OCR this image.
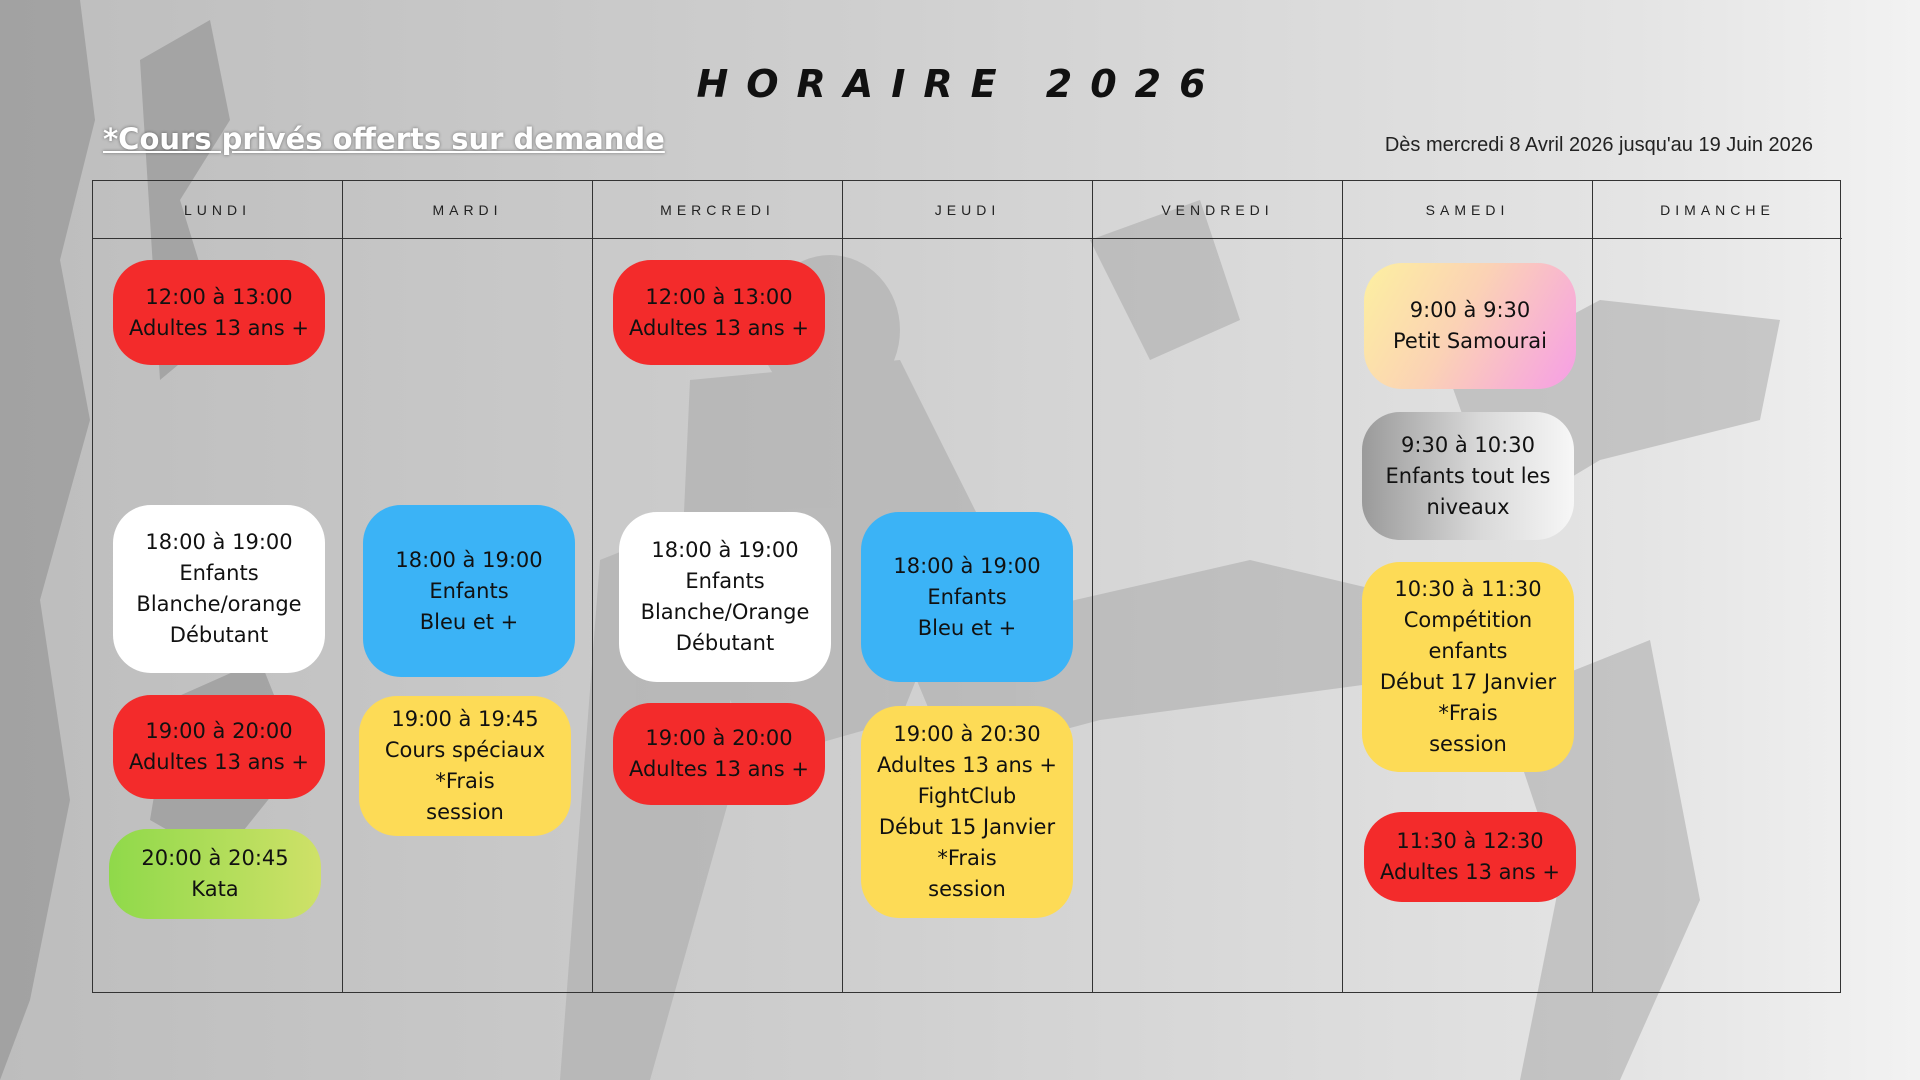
HORAIRE 2026
*Cours privés offerts sur demande	Dès mercredi 8 Avril 2026 jusqu'au 19 Juin 2026
LUNDI
12:00 à 13:00
Adultes 13 ans +
18:00 à 19:00
Enfants
Blanche/orange
Débutant
19:00 à 20:00
Adultes 13 ans +
20:00 à 20:45
Kata
MARDI
18:00 à 19:00
Enfants
Bleu et +
19:00 à 19:45
Cours spéciaux
*Frais
session
MERCREDI
12:00 à 13:00
Adultes 13 ans +
18:00 à 19:00
Enfants
Blanche/Orange
Débutant
19:00 à 20:00
Adultes 13 ans +
JEUDI
18:00 à 19:00
Enfants
Bleu et +
19:00 à 20:30
Adultes 13 ans +
FightClub
Début 15 Janvier
*Frais
session
VENDREDI	SAMEDI
9:00 à 9:30
Petit Samourai
9:30 à 10:30
Enfants tout les
niveaux
10:30 à 11:30
Compétition
enfants
Début 17 Janvier
*Frais
session
11:30 à 12:30
Adultes 13 ans +
DIMANCHE
